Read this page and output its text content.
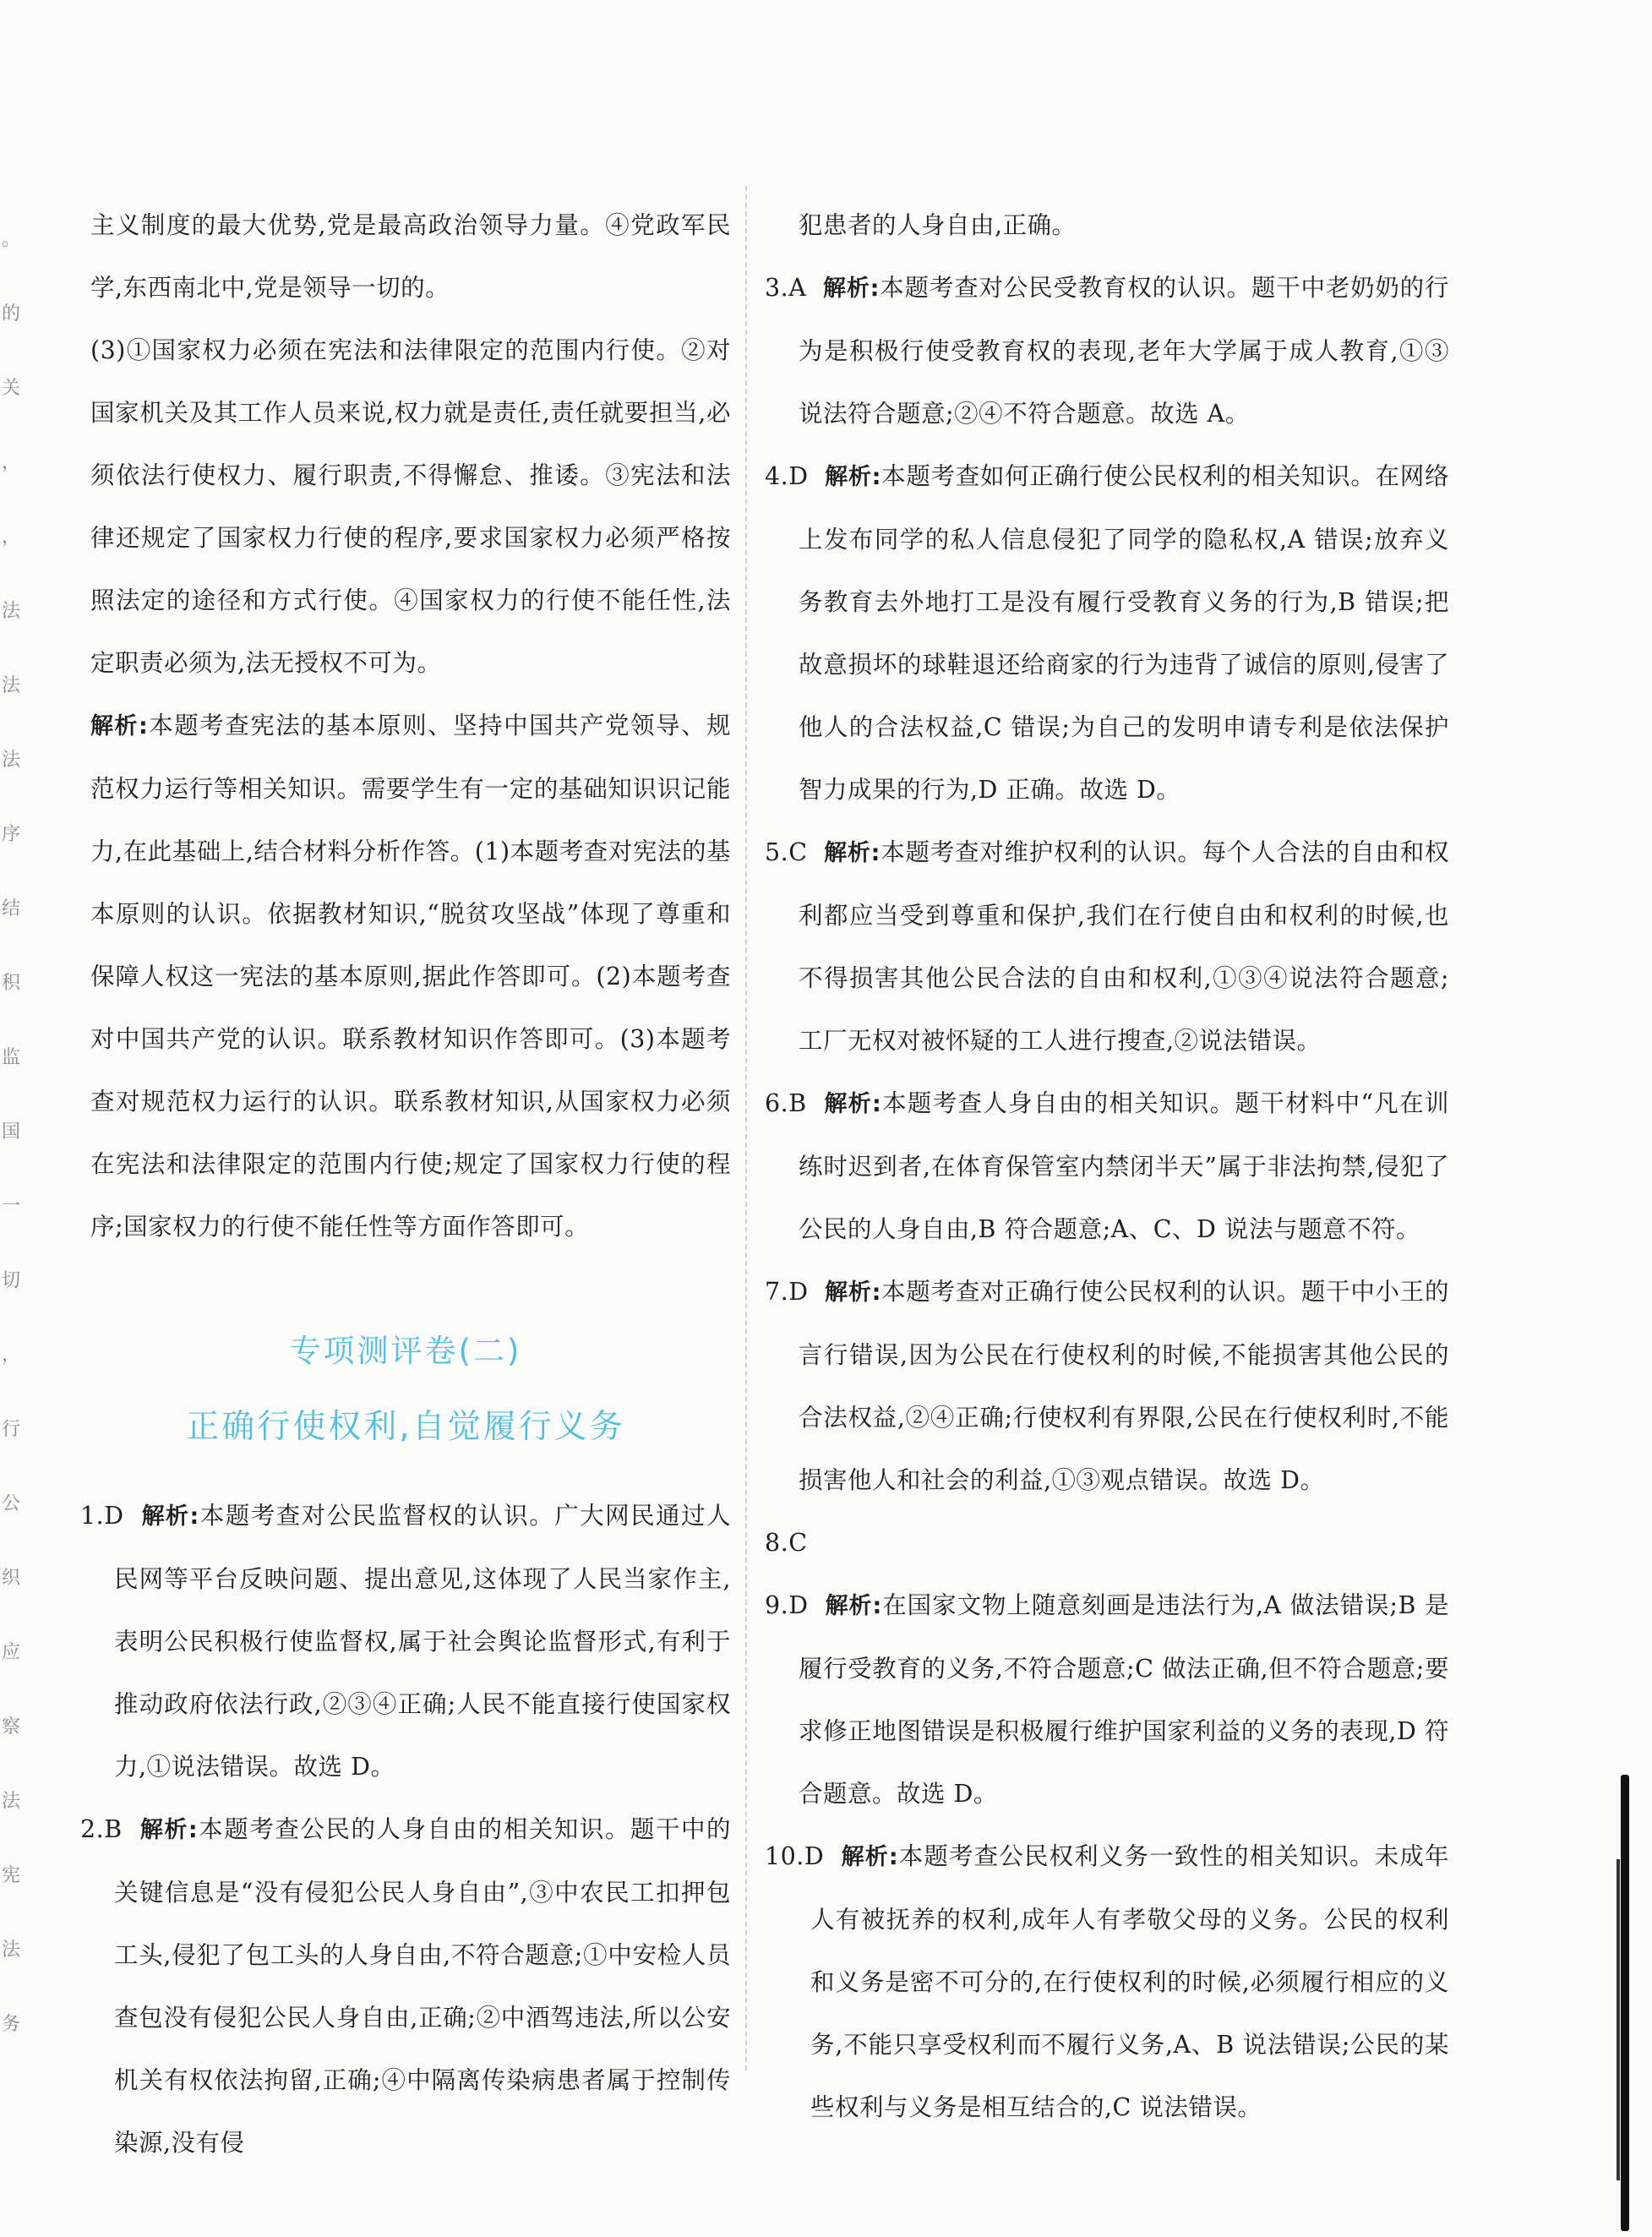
。
的
关
，
，
法
法
法
序
结
积
监
国
一
切
，
行
公
织
应
察
法
宪
法
务

主义制度的最大优势,党是最高政治领导力量。④党政军民学,东西南北中,党是领导一切的。

(3)①国家权力必须在宪法和法律限定的范围内行使。②对国家机关及其工作人员来说,权力就是责任,责任就要担当,必须依法行使权力、履行职责,不得懈怠、推诿。③宪法和法律还规定了国家权力行使的程序,要求国家权力必须严格按照法定的途径和方式行使。④国家权力的行使不能任性,法定职责必须为,法无授权不可为。

解析:本题考查宪法的基本原则、坚持中国共产党领导、规范权力运行等相关知识。需要学生有一定的基础知识识记能力,在此基础上,结合材料分析作答。(1)本题考查对宪法的基本原则的认识。依据教材知识,“脱贫攻坚战”体现了尊重和保障人权这一宪法的基本原则,据此作答即可。(2)本题考查对中国共产党的认识。联系教材知识作答即可。(3)本题考查对规范权力运行的认识。联系教材知识,从国家权力必须在宪法和法律限定的范围内行使;规定了国家权力行使的程序;国家权力的行使不能任性等方面作答即可。

专项测评卷(二)

正确行使权利,自觉履行义务

1.D 解析:本题考查对公民监督权的认识。广大网民通过人民网等平台反映问题、提出意见,这体现了人民当家作主,表明公民积极行使监督权,属于社会舆论监督形式,有利于推动政府依法行政,②③④正确;人民不能直接行使国家权力,①说法错误。故选 D。

2.B 解析:本题考查公民的人身自由的相关知识。题干中的关键信息是“没有侵犯公民人身自由”,③中农民工扣押包工头,侵犯了包工头的人身自由,不符合题意;①中安检人员查包没有侵犯公民人身自由,正确;②中酒驾违法,所以公安机关有权依法拘留,正确;④中隔离传染病患者属于控制传染源,没有侵

犯患者的人身自由,正确。

3.A 解析:本题考查对公民受教育权的认识。题干中老奶奶的行为是积极行使受教育权的表现,老年大学属于成人教育,①③说法符合题意;②④不符合题意。故选 A。

4.D 解析:本题考查如何正确行使公民权利的相关知识。在网络上发布同学的私人信息侵犯了同学的隐私权,A 错误;放弃义务教育去外地打工是没有履行受教育义务的行为,B 错误;把故意损坏的球鞋退还给商家的行为违背了诚信的原则,侵害了他人的合法权益,C 错误;为自己的发明申请专利是依法保护智力成果的行为,D 正确。故选 D。

5.C 解析:本题考查对维护权利的认识。每个人合法的自由和权利都应当受到尊重和保护,我们在行使自由和权利的时候,也不得损害其他公民合法的自由和权利,①③④说法符合题意;工厂无权对被怀疑的工人进行搜查,②说法错误。

6.B 解析:本题考查人身自由的相关知识。题干材料中“凡在训练时迟到者,在体育保管室内禁闭半天”属于非法拘禁,侵犯了公民的人身自由,B 符合题意;A、C、D 说法与题意不符。

7.D 解析:本题考查对正确行使公民权利的认识。题干中小王的言行错误,因为公民在行使权利的时候,不能损害其他公民的合法权益,②④正确;行使权利有界限,公民在行使权利时,不能损害他人和社会的利益,①③观点错误。故选 D。

8.C

9.D 解析:在国家文物上随意刻画是违法行为,A 做法错误;B 是履行受教育的义务,不符合题意;C 做法正确,但不符合题意;要求修正地图错误是积极履行维护国家利益的义务的表现,D 符合题意。故选 D。

10.D 解析:本题考查公民权利义务一致性的相关知识。未成年人有被抚养的权利,成年人有孝敬父母的义务。公民的权利和义务是密不可分的,在行使权利的时候,必须履行相应的义务,不能只享受权利而不履行义务,A、B 说法错误;公民的某些权利与义务是相互结合的,C 说法错误。
